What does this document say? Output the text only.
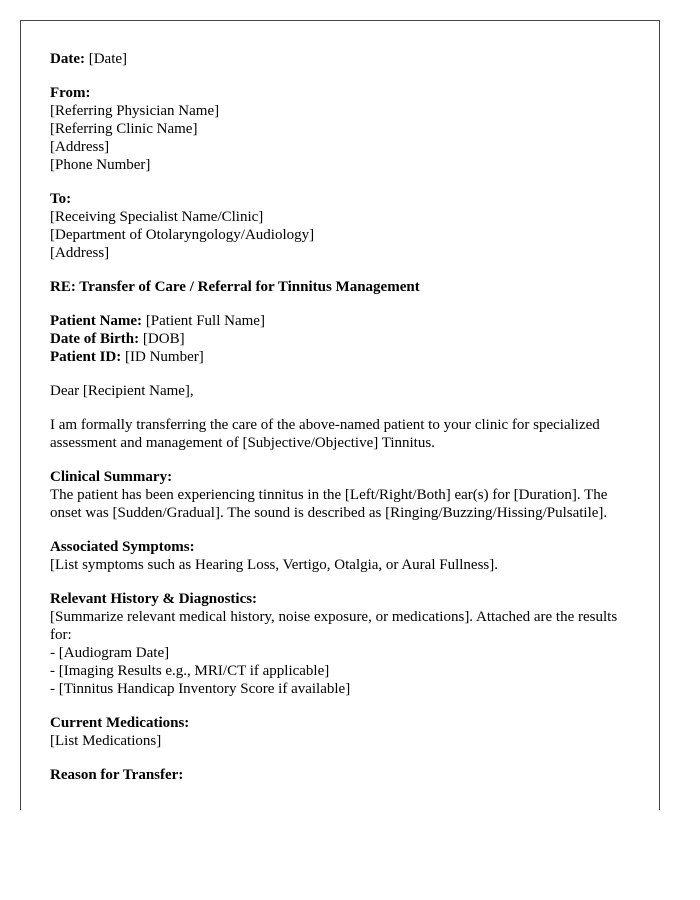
Date: [Date]
From:
[Referring Physician Name]
[Referring Clinic Name]
[Address]
[Phone Number]
To:
[Receiving Specialist Name/Clinic]
[Department of Otolaryngology/Audiology]
[Address]
RE: Transfer of Care / Referral for Tinnitus Management
Patient Name: [Patient Full Name]
Date of Birth: [DOB]
Patient ID: [ID Number]
Dear [Recipient Name],
I am formally transferring the care of the above-named patient to your clinic for specialized assessment and management of [Subjective/Objective] Tinnitus.
Clinical Summary:
The patient has been experiencing tinnitus in the [Left/Right/Both] ear(s) for [Duration]. The onset was [Sudden/Gradual]. The sound is described as [Ringing/Buzzing/Hissing/Pulsatile].
Associated Symptoms:
[List symptoms such as Hearing Loss, Vertigo, Otalgia, or Aural Fullness].
Relevant History & Diagnostics:
[Summarize relevant medical history, noise exposure, or medications]. Attached are the results for:
- [Audiogram Date]
- [Imaging Results e.g., MRI/CT if applicable]
- [Tinnitus Handicap Inventory Score if available]
Current Medications:
[List Medications]
Reason for Transfer:
